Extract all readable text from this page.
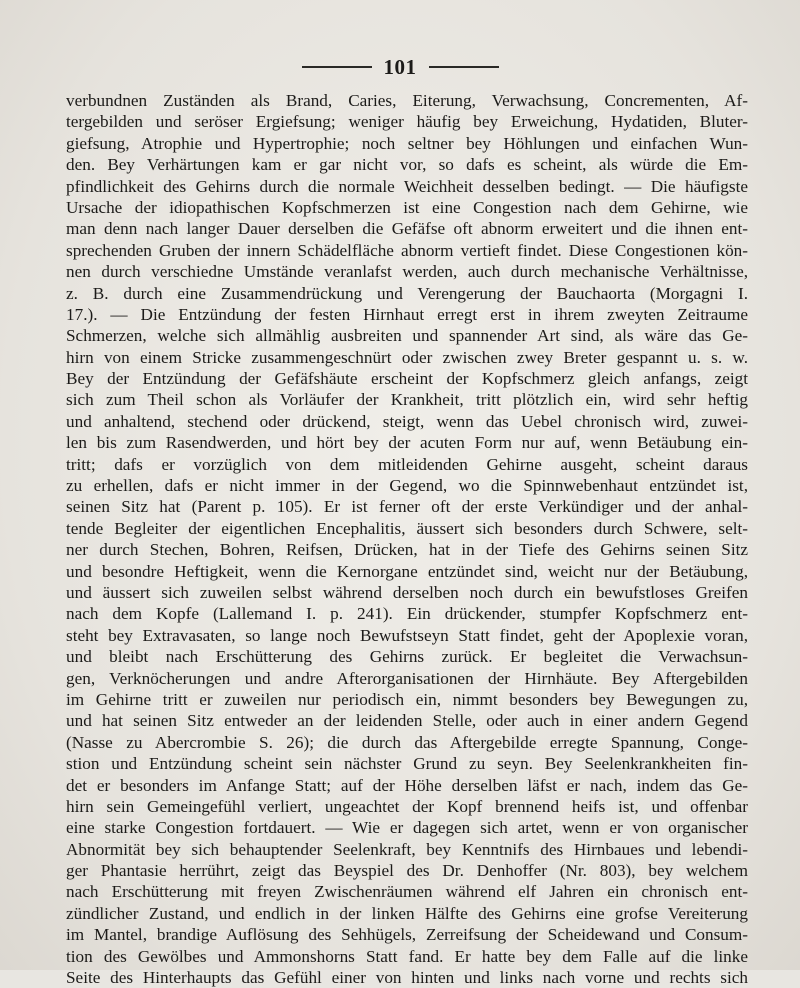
101
verbundnen Zuständen als Brand, Caries, Eiterung, Verwachsung, Concrementen, Af-
tergebilden und seröser Ergiefsung; weniger häufig bey Erweichung, Hydatiden, Bluter-
giefsung, Atrophie und Hypertrophie; noch seltner bey Höhlungen und einfachen Wun-
den. Bey Verhärtungen kam er gar nicht vor, so dafs es scheint, als würde die Em-
pfindlichkeit des Gehirns durch die normale Weichheit desselben bedingt. — Die häufigste
Ursache der idiopathischen Kopfschmerzen ist eine Congestion nach dem Gehirne, wie
man denn nach langer Dauer derselben die Gefäfse oft abnorm erweitert und die ihnen ent-
sprechenden Gruben der innern Schädelfläche abnorm vertieft findet. Diese Congestionen kön-
nen durch verschiedne Umstände veranlafst werden, auch durch mechanische Verhältnisse,
z. B. durch eine Zusammendrückung und Verengerung der Bauchaorta (Morgagni I.
17.). — Die Entzündung der festen Hirnhaut erregt erst in ihrem zweyten Zeitraume
Schmerzen, welche sich allmählig ausbreiten und spannender Art sind, als wäre das Ge-
hirn von einem Stricke zusammengeschnürt oder zwischen zwey Breter gespannt u. s. w.
Bey der Entzündung der Gefäfshäute erscheint der Kopfschmerz gleich anfangs, zeigt
sich zum Theil schon als Vorläufer der Krankheit, tritt plötzlich ein, wird sehr heftig
und anhaltend, stechend oder drückend, steigt, wenn das Uebel chronisch wird, zuwei-
len bis zum Rasendwerden, und hört bey der acuten Form nur auf, wenn Betäubung ein-
tritt; dafs er vorzüglich von dem mitleidenden Gehirne ausgeht, scheint daraus
zu erhellen, dafs er nicht immer in der Gegend, wo die Spinnwebenhaut entzündet ist,
seinen Sitz hat (Parent p. 105). Er ist ferner oft der erste Verkündiger und der anhal-
tende Begleiter der eigentlichen Encephalitis, äussert sich besonders durch Schwere, selt-
ner durch Stechen, Bohren, Reifsen, Drücken, hat in der Tiefe des Gehirns seinen Sitz
und besondre Heftigkeit, wenn die Kernorgane entzündet sind, weicht nur der Betäubung,
und äussert sich zuweilen selbst während derselben noch durch ein bewufstloses Greifen
nach dem Kopfe (Lallemand I. p. 241). Ein drückender, stumpfer Kopfschmerz ent-
steht bey Extravasaten, so lange noch Bewufstseyn Statt findet, geht der Apoplexie voran,
und bleibt nach Erschütterung des Gehirns zurück. Er begleitet die Verwachsun-
gen, Verknöcherungen und andre Afterorganisationen der Hirnhäute. Bey Aftergebilden
im Gehirne tritt er zuweilen nur periodisch ein, nimmt besonders bey Bewegungen zu,
und hat seinen Sitz entweder an der leidenden Stelle, oder auch in einer andern Gegend
(Nasse zu Abercrombie S. 26); die durch das Aftergebilde erregte Spannung, Conge-
stion und Entzündung scheint sein nächster Grund zu seyn. Bey Seelenkrankheiten fin-
det er besonders im Anfange Statt; auf der Höhe derselben läfst er nach, indem das Ge-
hirn sein Gemeingefühl verliert, ungeachtet der Kopf brennend heifs ist, und offenbar
eine starke Congestion fortdauert. — Wie er dagegen sich artet, wenn er von organischer
Abnormität bey sich behauptender Seelenkraft, bey Kenntnifs des Hirnbaues und lebendi-
ger Phantasie herrührt, zeigt das Beyspiel des Dr. Denhoffer (Nr. 803), bey welchem
nach Erschütterung mit freyen Zwischenräumen während elf Jahren ein chronisch ent-
zündlicher Zustand, und endlich in der linken Hälfte des Gehirns eine grofse Vereiterung
im Mantel, brandige Auflösung des Sehhügels, Zerreifsung der Scheidewand und Consum-
tion des Gewölbes und Ammonshorns Statt fand. Er hatte bey dem Falle auf die linke
Seite des Hinterhaupts das Gefühl einer von hinten und links nach vorne und rechts sich
